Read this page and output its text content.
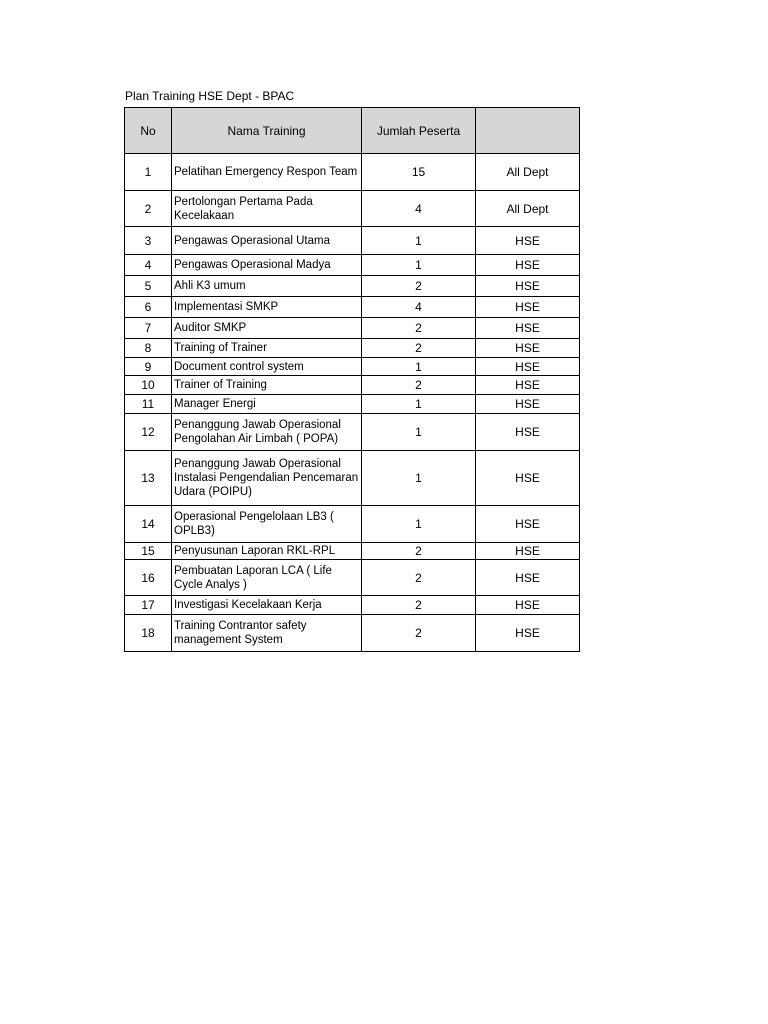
Plan Training HSE Dept - BPAC
No	Nama Training	Jumlah Peserta	
1	Pelatihan Emergency Respon Team	15	All Dept
2	Pertolongan Pertama Pada Kecelakaan	4	All Dept
3	Pengawas Operasional Utama	1	HSE
4	Pengawas Operasional Madya	1	HSE
5	Ahli K3 umum	2	HSE
6	Implementasi SMKP	4	HSE
7	Auditor SMKP	2	HSE
8	Training of Trainer	2	HSE
9	Document control system	1	HSE
10	Trainer of Training	2	HSE
11	Manager Energi	1	HSE
12	Penanggung Jawab Operasional Pengolahan Air Limbah ( POPA)	1	HSE
13	Penanggung Jawab Operasional Instalasi Pengendalian Pencemaran Udara (POIPU)	1	HSE
14	Operasional Pengelolaan LB3 ( OPLB3)	1	HSE
15	Penyusunan Laporan RKL-RPL	2	HSE
16	Pembuatan Laporan LCA ( Life Cycle Analys )	2	HSE
17	Investigasi Kecelakaan Kerja	2	HSE
18	Training Contrantor safety management System	2	HSE
